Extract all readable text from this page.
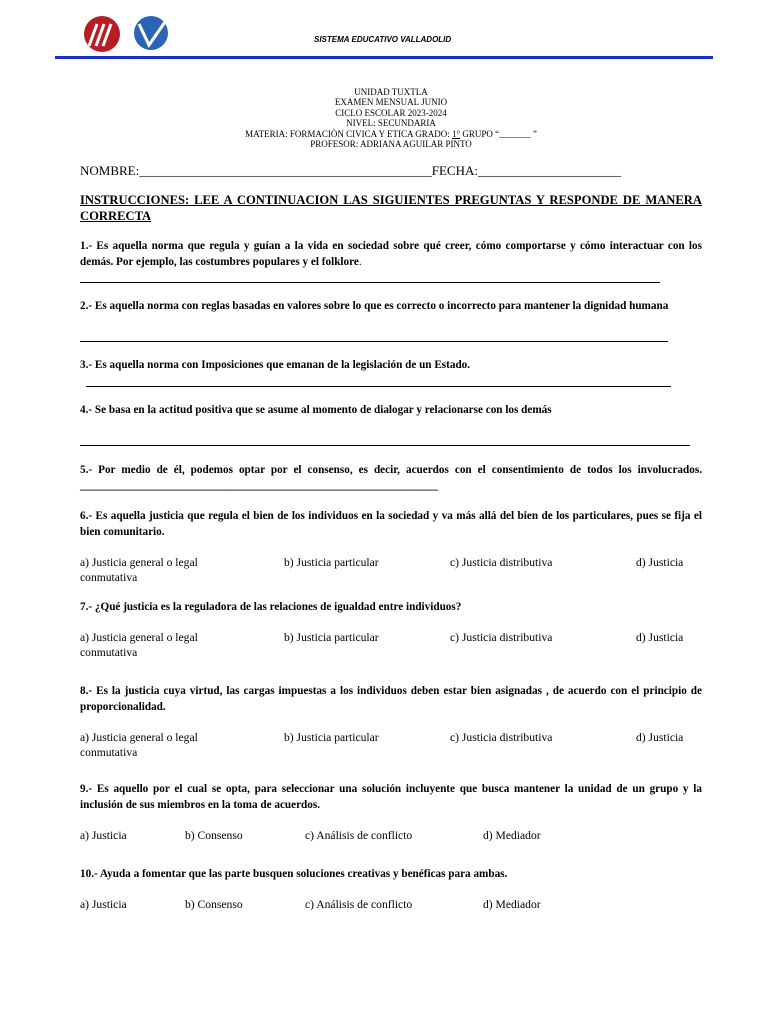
SISTEMA EDUCATIVO VALLADOLID
UNIDAD TUXTLA
EXAMEN MENSUAL JUNIO
CICLO ESCOLAR 2023-2024
NIVEL: SECUNDARIA
MATERIA: FORMACIÒN CIVICA Y ETICA GRADO: 1° GRUPO “_______ ”
PROFESOR: ADRIANA AGUILAR PINTO
NOMBRE:_____________________________________________FECHA:______________________
INSTRUCCIONES: LEE A CONTINUACION LAS SIGUIENTES PREGUNTAS Y RESPONDE DE MANERA CORRECTA
1.- Es aquella norma que regula y guían a la vida en sociedad sobre qué creer, cómo comportarse y cómo interactuar con los demás. Por ejemplo, las costumbres populares y el folklore.
2.- Es aquella norma con reglas basadas en valores sobre lo que es correcto o incorrecto para mantener la dignidad humana
3.- Es aquella norma con Imposiciones que emanan de la legislación de un Estado.
4.- Se basa en la actitud positiva que se asume al momento de dialogar y relacionarse con los demás
5.- Por medio de él, podemos optar por el consenso, es decir, acuerdos con el consentimiento de todos los involucrados. ________________________________________________________________
6.- Es aquella justicia que regula el bien de los individuos en la sociedad y va más allá del bien de los particulares, pues se fija el bien comunitario.
a) Justicia general o legal	b) Justicia particular	c) Justicia distributiva	d) Justicia
conmutativa
7.- ¿Qué justicia es la reguladora de las relaciones de igualdad entre individuos?
a) Justicia general o legal	b) Justicia particular	c) Justicia distributiva	d) Justicia
conmutativa
8.- Es la justicia cuya virtud, las cargas impuestas a los individuos deben estar bien asignadas , de acuerdo con el principio de proporcionalidad.
a) Justicia general o legal	b) Justicia particular	c) Justicia distributiva	d) Justicia
conmutativa
9.- Es aquello por el cual se opta, para seleccionar una solución incluyente que busca mantener la unidad de un grupo y la inclusión de sus miembros en la toma de acuerdos.
a) Justicia	b) Consenso	c) Análisis de conflicto	d) Mediador
10.- Ayuda a fomentar que las parte busquen soluciones creativas y benéficas para ambas.
a) Justicia	b) Consenso	c) Análisis de conflicto	d) Mediador
